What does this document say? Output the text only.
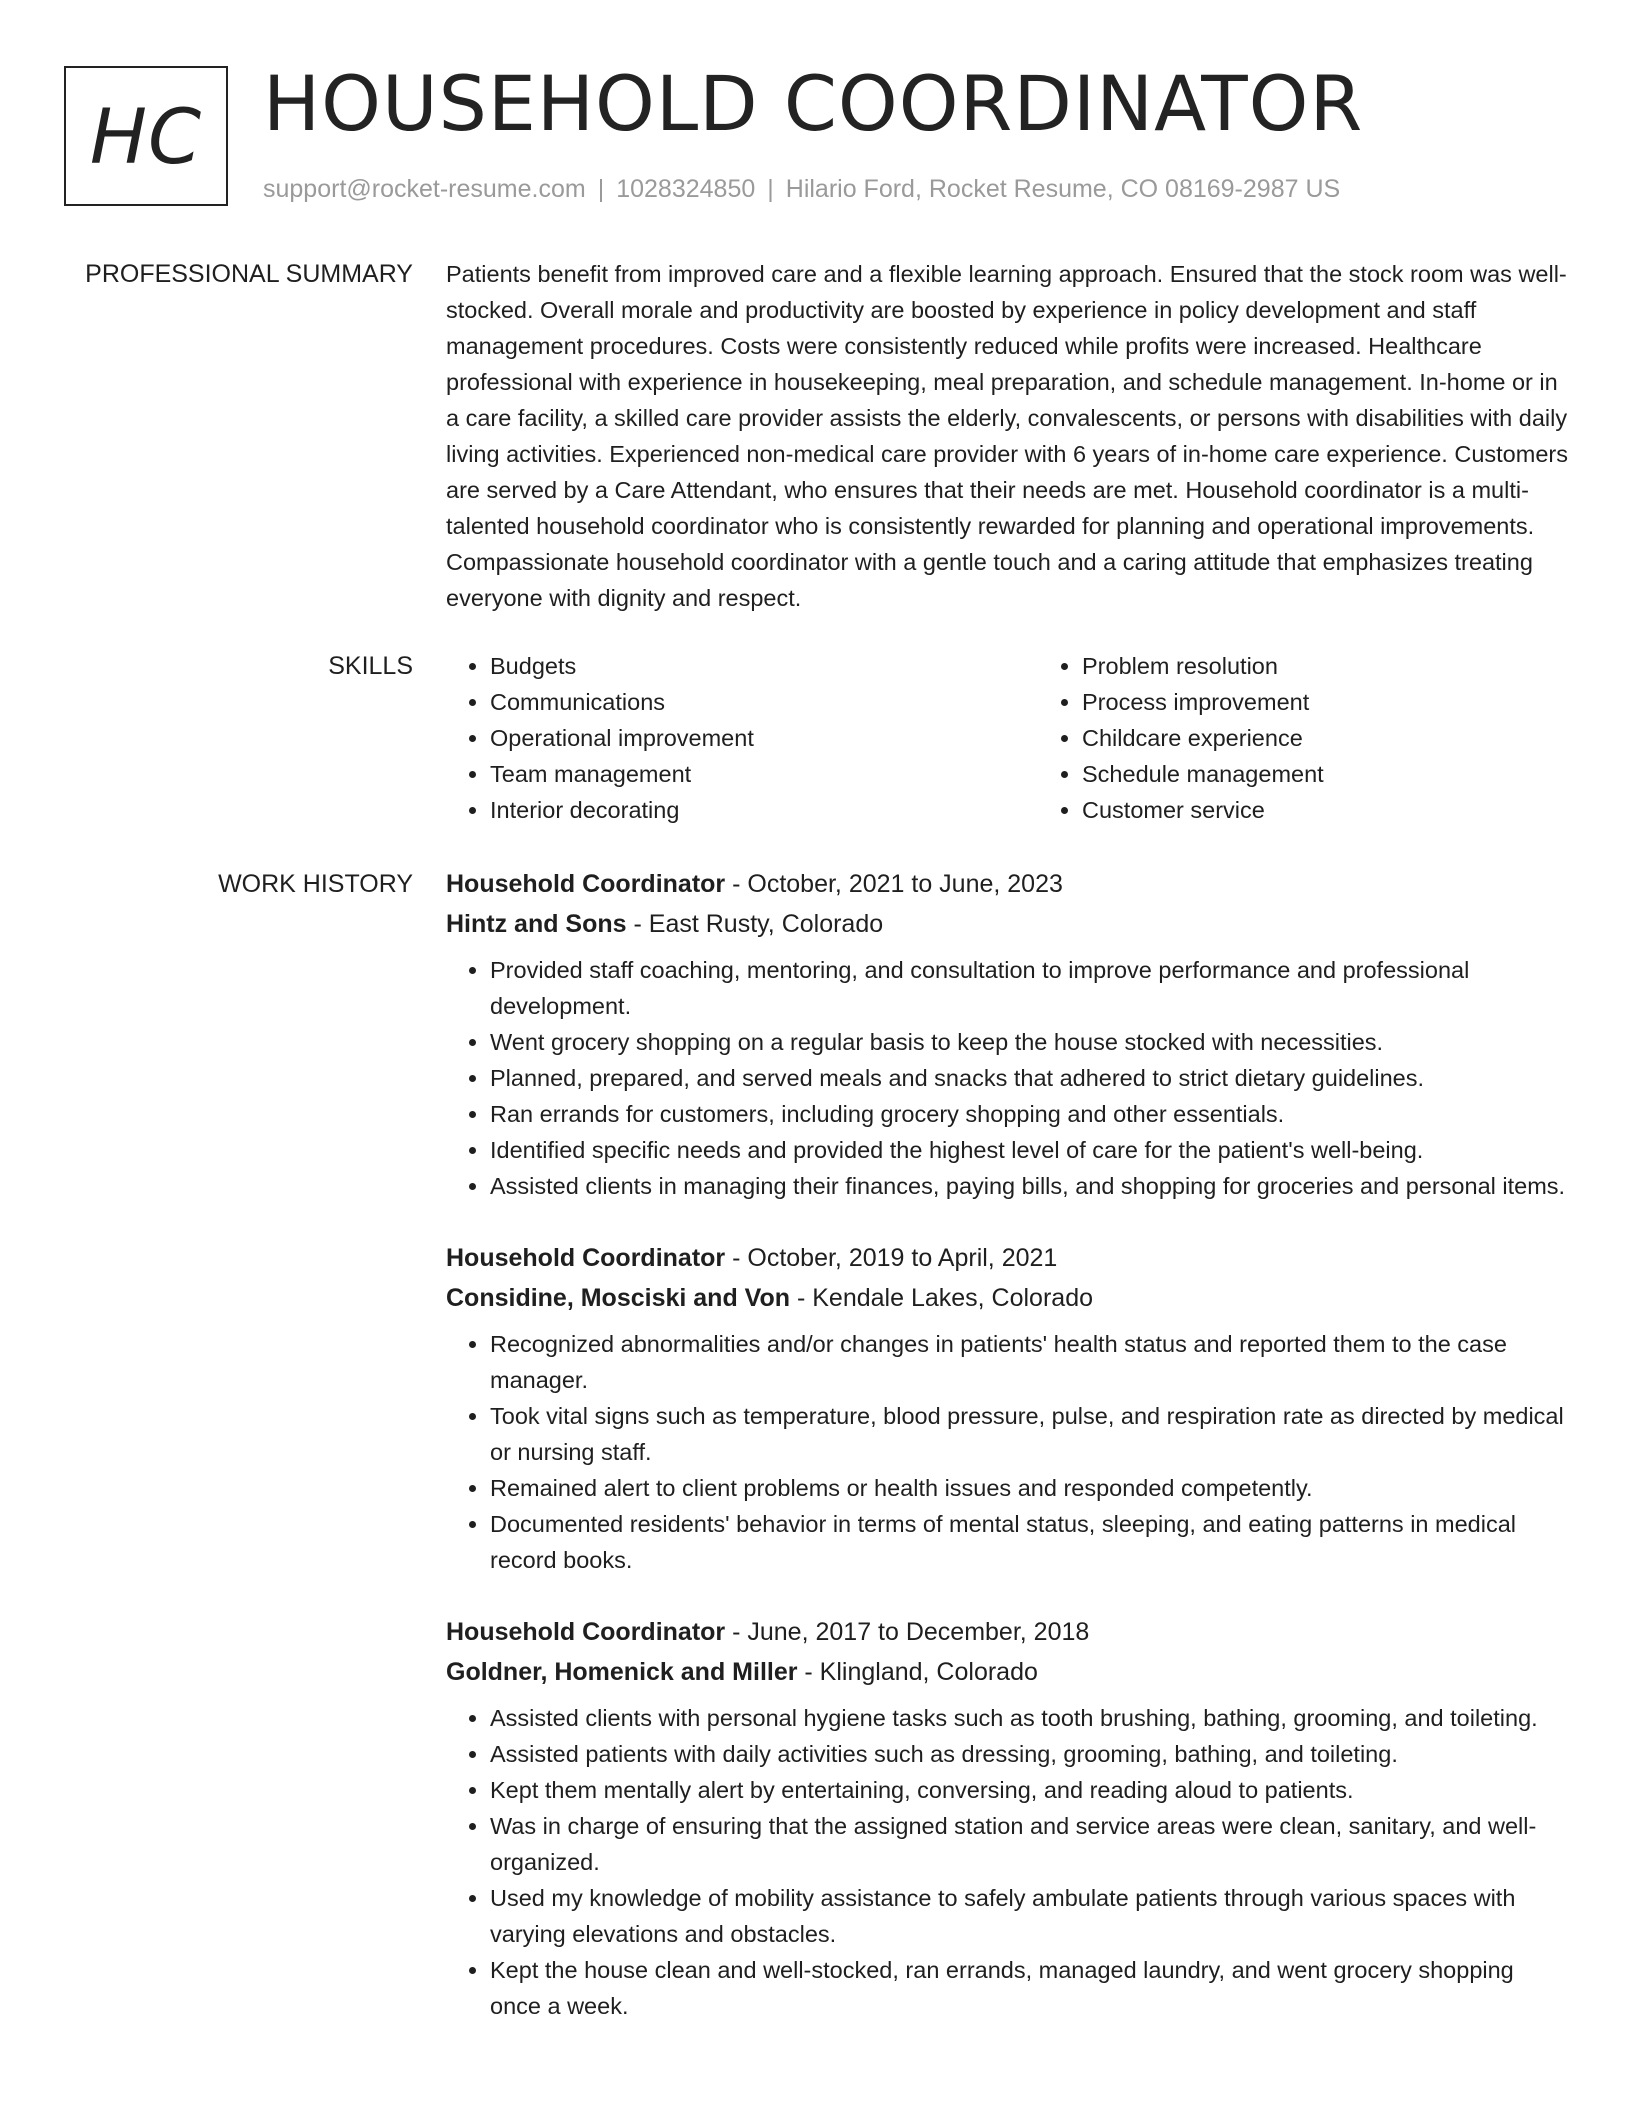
HC HOUSEHOLD COORDINATOR
support@rocket-resume.com | 1028324850 | Hilario Ford, Rocket Resume, CO 08169-2987 US
PROFESSIONAL SUMMARY Patients benefit from improved care and a flexible learning approach. Ensured that the stock room was well-stocked. Overall morale and productivity are boosted by experience in policy development and staff management procedures. Costs were consistently reduced while profits were increased. Healthcare professional with experience in housekeeping, meal preparation, and schedule management. In-home or in a care facility, a skilled care provider assists the elderly, convalescents, or persons with disabilities with daily living activities. Experienced non-medical care provider with 6 years of in-home care experience. Customers are served by a Care Attendant, who ensures that their needs are met. Household coordinator is a multi-talented household coordinator who is consistently rewarded for planning and operational improvements. Compassionate household coordinator with a gentle touch and a caring attitude that emphasizes treating everyone with dignity and respect.

SKILLS
•	Budgets
• Communications
• Operational improvement
• Team management
• Interior decorating
• Problem resolution
• Process improvement
• Childcare experience
• Schedule management
• Customer service
WORK HISTORY Household Coordinator - October, 2021 to June, 2023
Hintz and Sons - East Rusty, Colorado
• Provided staff coaching, mentoring, and consultation to improve performance and professional development.
• Went grocery shopping on a regular basis to keep the house stocked with necessities.
• Planned, prepared, and served meals and snacks that adhered to strict dietary guidelines.
• Ran errands for customers, including grocery shopping and other essentials.
• Identified specific needs and provided the highest level of care for the patient's well-being.
• Assisted clients in managing their finances, paying bills, and shopping for groceries and personal items.
Household Coordinator - October, 2019 to April, 2021
Considine, Mosciski and Von - Kendale Lakes, Colorado
• Recognized abnormalities and/or changes in patients' health status and reported them to the case manager.
• Took vital signs such as temperature, blood pressure, pulse, and respiration rate as directed by medical or nursing staff.
• Remained alert to client problems or health issues and responded competently.
• Documented residents' behavior in terms of mental status, sleeping, and eating patterns in medical record books.
Household Coordinator - June, 2017 to December, 2018
Goldner, Homenick and Miller - Klingland, Colorado
• Assisted clients with personal hygiene tasks such as tooth brushing, bathing, grooming, and toileting.
• Assisted patients with daily activities such as dressing, grooming, bathing, and toileting.
• Kept them mentally alert by entertaining, conversing, and reading aloud to patients.
• Was in charge of ensuring that the assigned station and service areas were clean, sanitary, and well-organized.
• Used my knowledge of mobility assistance to safely ambulate patients through various spaces with varying elevations and obstacles.
• Kept the house clean and well-stocked, ran errands, managed laundry, and went grocery shopping once a week.
